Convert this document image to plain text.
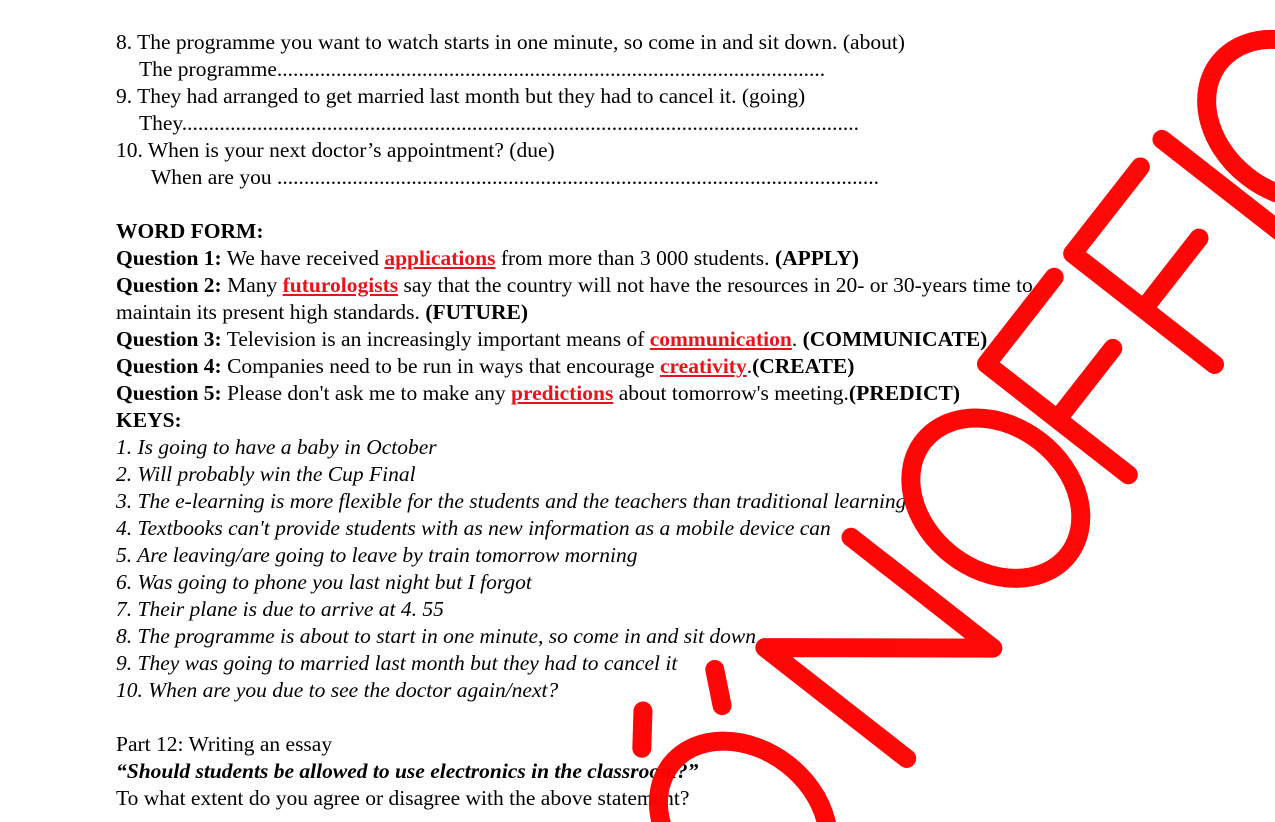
8. The programme you want to watch starts in one minute, so come in and sit down. (about)
The programme......................................................................................................
9. They had arranged to get married last month but they had to cancel it. (going)
They..............................................................................................................................
10. When is your next doctor’s appointment? (due)
When are you ................................................................................................................
WORD FORM:
Question 1: We have received applications from more than 3 000 students. (APPLY)
Question 2: Many futurologists say that the country will not have the resources in 20- or 30-years time to
maintain its present high standards. (FUTURE)
Question 3: Television is an increasingly important means of communication. (COMMUNICATE)
Question 4: Companies need to be run in ways that encourage creativity.(CREATE)
Question 5: Please don't ask me to make any predictions about tomorrow's meeting.(PREDICT)
KEYS:
1. Is going to have a baby in October
2. Will probably win the Cup Final
3. The e-learning is more flexible for the students and the teachers than traditional learning
4. Textbooks can't provide students with as new information as a mobile device can
5. Are leaving/are going to leave by train tomorrow morning
6. Was going to phone you last night but I forgot
7. Their plane is due to arrive at 4. 55
8. The programme is about to start in one minute, so come in and sit down
9. They was going to married last month but they had to cancel it
10. When are you due to see the doctor again/next?
Part 12: Writing an essay
“Should students be allowed to use electronics in the classroom?”
To what extent do you agree or disagree with the above statement?
